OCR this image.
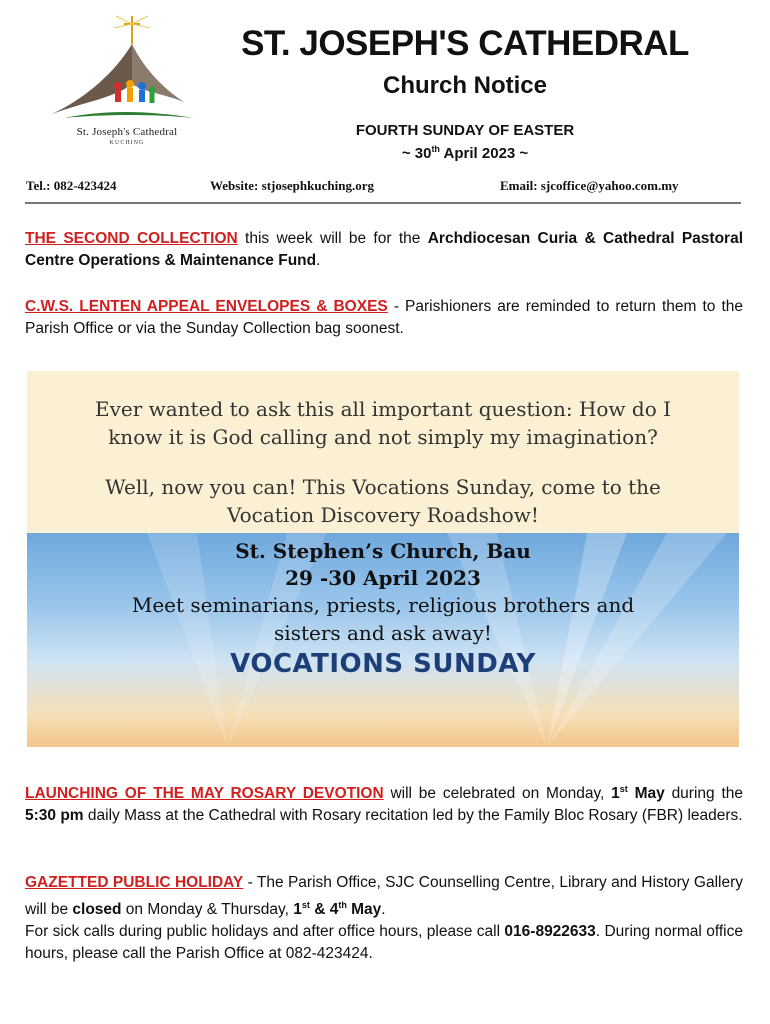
St. Joseph's Cathedral
KUCHING
ST. JOSEPH'S CATHEDRAL
Church Notice
FOURTH SUNDAY OF EASTER
~ 30th April 2023 ~
Tel.: 082-423424	Website: stjosephkuching.org	Email: sjcoffice@yahoo.com.my
THE SECOND COLLECTION this week will be for the Archdiocesan Curia & Cathedral Pastoral Centre Operations & Maintenance Fund.
C.W.S. LENTEN APPEAL ENVELOPES & BOXES - Parishioners are reminded to return them to the Parish Office or via the Sunday Collection bag soonest.
Ever wanted to ask this all important question: How do I
know it is God calling and not simply my imagination?
Well, now you can! This Vocations Sunday, come to the
Vocation Discovery Roadshow!
St. Stephen’s Church, Bau
29 -30 April 2023
Meet seminarians, priests, religious brothers and
sisters and ask away!
VOCATIONS SUNDAY
LAUNCHING OF THE MAY ROSARY DEVOTION will be celebrated on Monday, 1st May during the 5:30 pm daily Mass at the Cathedral with Rosary recitation led by the Family Bloc Rosary (FBR) leaders.
GAZETTED PUBLIC HOLIDAY - The Parish Office, SJC Counselling Centre, Library and History Gallery will be closed on Monday & Thursday, 1st & 4th May.
For sick calls during public holidays and after office hours, please call 016-8922633. During normal office hours, please call the Parish Office at 082-423424.
